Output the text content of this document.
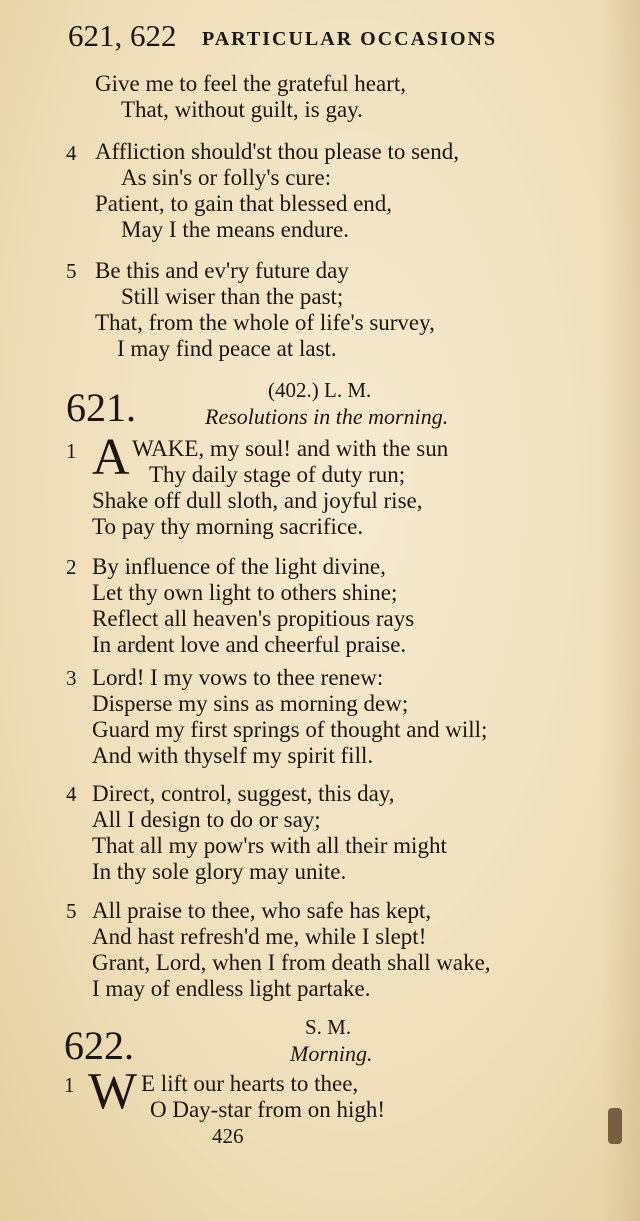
621, 622 PARTICULAR OCCASIONS
Give me to feel the grateful heart,
That, without guilt, is gay.
4 Affliction should'st thou please to send,
As sin's or folly's cure:
Patient, to gain that blessed end,
May I the means endure.
5 Be this and ev'ry future day
Still wiser than the past;
That, from the whole of life's survey,
I may find peace at last.
621.	(402.) L. M.
Resolutions in the morning.
1 A WAKE, my soul! and with the sun
Thy daily stage of duty run;
Shake off dull sloth, and joyful rise,
To pay thy morning sacrifice.
2 By influence of the light divine,
Let thy own light to others shine;
Reflect all heaven's propitious rays
In ardent love and cheerful praise.
3 Lord! I my vows to thee renew:
Disperse my sins as morning dew;
Guard my first springs of thought and will;
And with thyself my spirit fill.
4 Direct, control, suggest, this day,
All I design to do or say;
That all my pow'rs with all their might
In thy sole glory may unite.
5 All praise to thee, who safe has kept,
And hast refresh'd me, while I slept!
Grant, Lord, when I from death shall wake,
I may of endless light partake.
622.	S. M.
Morning.
1 W E lift our hearts to thee,
O Day-star from on high!
426
